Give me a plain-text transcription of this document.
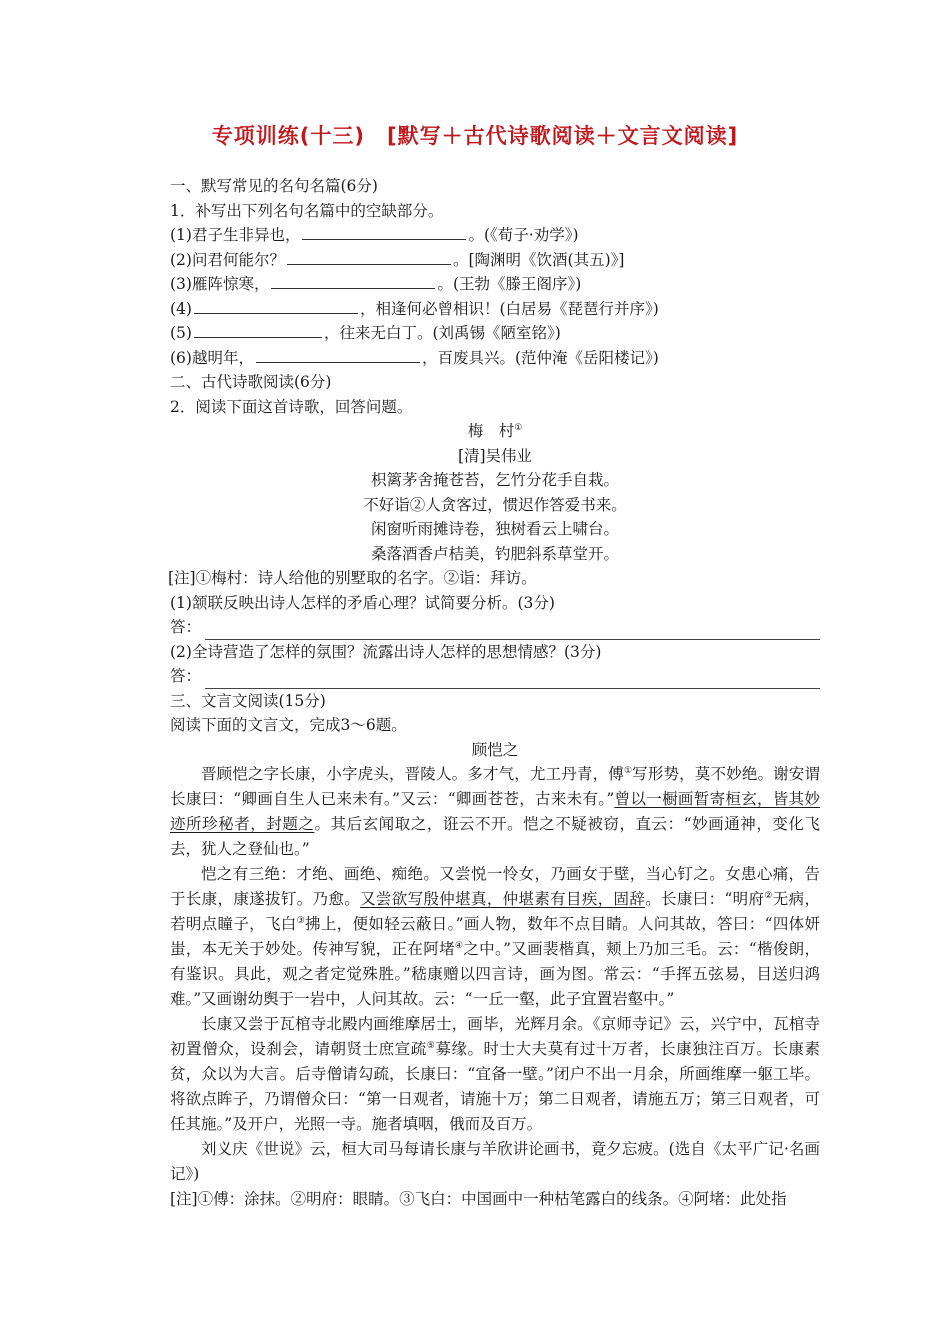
专项训练(十三)　[默写＋古代诗歌阅读＋文言文阅读]
一、默写常见的名句名篇(6分)
1．补写出下列名句名篇中的空缺部分。
(1)君子生非异也，	。(《荀子·劝学》)
(2)问君何能尔？	。[陶渊明《饮酒(其五)》]
(3)雁阵惊寒，	。(王勃《滕王阁序》)
(4)	，相逢何必曾相识！(白居易《琵琶行并序》)
(5)	，往来无白丁。(刘禹锡《陋室铭》)
(6)越明年，	，百废具兴。(范仲淹《岳阳楼记》)
二、古代诗歌阅读(6分)
2．阅读下面这首诗歌，回答问题。
梅　村①
[清]吴伟业
枳篱茅舍掩苍苔，乞竹分花手自栽。
不好诣②人贪客过，惯迟作答爱书来。
闲窗听雨摊诗卷，独树看云上啸台。
桑落酒香卢桔美，钓肥斜系草堂开。
[注]①梅村：诗人给他的别墅取的名字。②诣：拜访。
(1)颔联反映出诗人怎样的矛盾心理？试简要分析。(3分)
答：
(2)全诗营造了怎样的氛围？流露出诗人怎样的思想情感？(3分)
答：
三、文言文阅读(15分)
阅读下面的文言文，完成3～6题。
顾恺之
晋顾恺之字长康，小字虎头，晋陵人。多才气，尤工丹青，傅①写形势，莫不妙绝。谢安谓长康曰：“卿画自生人已来未有。”又云：“卿画苍苍，古来未有。”曾以一橱画暂寄桓玄，皆其妙迹所珍秘者，封题之。其后玄闻取之，诳云不开。恺之不疑被窃，直云：“妙画通神，变化飞去，犹人之登仙也。”
恺之有三绝：才绝、画绝、痴绝。又尝悦一怜女，乃画女于壁，当心钉之。女患心痛，告于长康，康遂拔钉。乃愈。又尝欲写殷仲堪真，仲堪素有目疾，固辞。长康曰：“明府②无病，若明点瞳子，飞白③拂上，便如轻云蔽日。”画人物，数年不点目睛。人问其故，答曰：“四体妍蚩，本无关于妙处。传神写貌，正在阿堵④之中。”又画裴楷真，颊上乃加三毛。云：“楷俊朗，有鉴识。具此，观之者定觉殊胜。”嵇康赠以四言诗，画为图。常云：“手挥五弦易，目送归鸿难。”又画谢幼舆于一岩中，人问其故。云：“一丘一壑，此子宜置岩壑中。”
长康又尝于瓦棺寺北殿内画维摩居士，画毕，光辉月余。《京师寺记》云，兴宁中，瓦棺寺初置僧众，设刹会，请朝贤士庶宣疏⑤募缘。时士大夫莫有过十万者，长康独注百万。长康素贫，众以为大言。后寺僧请勾疏，长康曰：“宜备一壁。”闭户不出一月余，所画维摩一躯工毕。将欲点眸子，乃谓僧众曰：“第一日观者，请施十万；第二日观者，请施五万；第三日观者，可任其施。”及开户，光照一寺。施者填咽，俄而及百万。
刘义庆《世说》云，桓大司马每请长康与羊欣讲论画书，竟夕忘疲。(选自《太平广记·名画记》)
[注]①傅：涂抹。②明府：眼睛。③飞白：中国画中一种枯笔露白的线条。④阿堵：此处指
